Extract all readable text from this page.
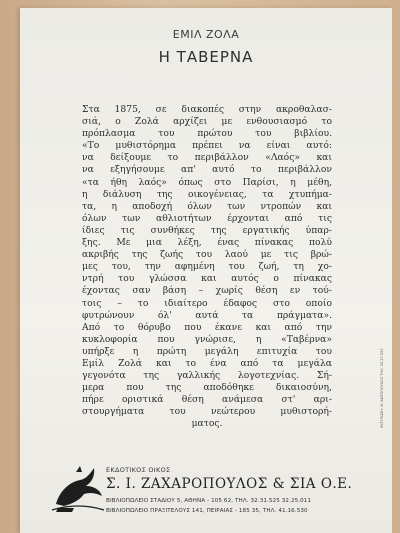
ΕΜΙΛ ΖΟΛΑ
Η ΤΑΒΕΡΝΑ
Στα 1875, σε διακοπές στην ακροθαλασ-
σιά, ο Ζολά αρχίζει με ενθουσιασμό το
πρόπλασμα του πρώτου του βιβλίου.
«Το μυθιστόρημα πρέπει να είναι αυτό:
να δείξουμε το περιβάλλον «Λαός» και
να εξηγήσουμε απ' αυτό το περιβάλλον
«τα ήθη λαός» όπως στο Παρίσι, η μέθη,
η διάλυση της οικογένειας, τα χτυπήμα-
τα, η αποδοχή όλων των ντροπών και
όλων των αθλιοτήτων έρχονται από τις
ίδιες τις συνθήκες της εργατικής ύπαρ-
ξης. Με μια λέξη, ένας πίνακας πολύ
ακριβής της ζωής του λαού με τις βρώ-
μες του, την αφημένη του ζωή, τη χο-
ντρή του γλώσσα και αυτός ο πίνακας
έχοντας σαν βάση – χωρίς θέση εν τού-
τοις – το ιδιαίτερο έδαφος στο οποίο
φυτρώνουν όλ' αυτά τα πράγματα».
Από το θόρυβο που έκανε και από την
κυκλοφορία που γνώρισε, η «Ταβέρνα»
υπήρξε η πρώτη μεγάλη επιτυχία του
Εμίλ Ζολά και το ένα από τα μεγάλα
γεγονότα της γαλλικής λογοτεχνίας. Σή-
μερα που της αποδόθηκε δικαιοσύνη,
πήρε οριστικά θέση ανάμεσα στ' αρι-
στουργήματα του νεώτερου μυθιστορή-
ματος.
ΕΚΔΟΤΙΚΟΣ ΟΙΚΟΣ
Σ. Ι. ΖΑΧΑΡΟΠΟΥΛΟΣ & ΣΙΑ Ο.Ε.
ΒΙΒΛΙΟΠΩΛΕΙΟ ΣΤΑΔΙΟΥ 5, ΑΘΗΝΑ - 105 62, ΤΗΛ. 32.31.525 32.25.011
ΒΙΒΛΙΟΠΩΛΕΙΟ ΠΡΑΞΙΤΕΛΟΥΣ 141, ΠΕΙΡΑΙΑΣ - 185 35, ΤΗΛ. 41.16.530
ΕΚΤΥΠΩΣΗ: Ν. ΦΩΤΟΠΟΥΛΟΣ ΤΗΛ. 32.27.552
